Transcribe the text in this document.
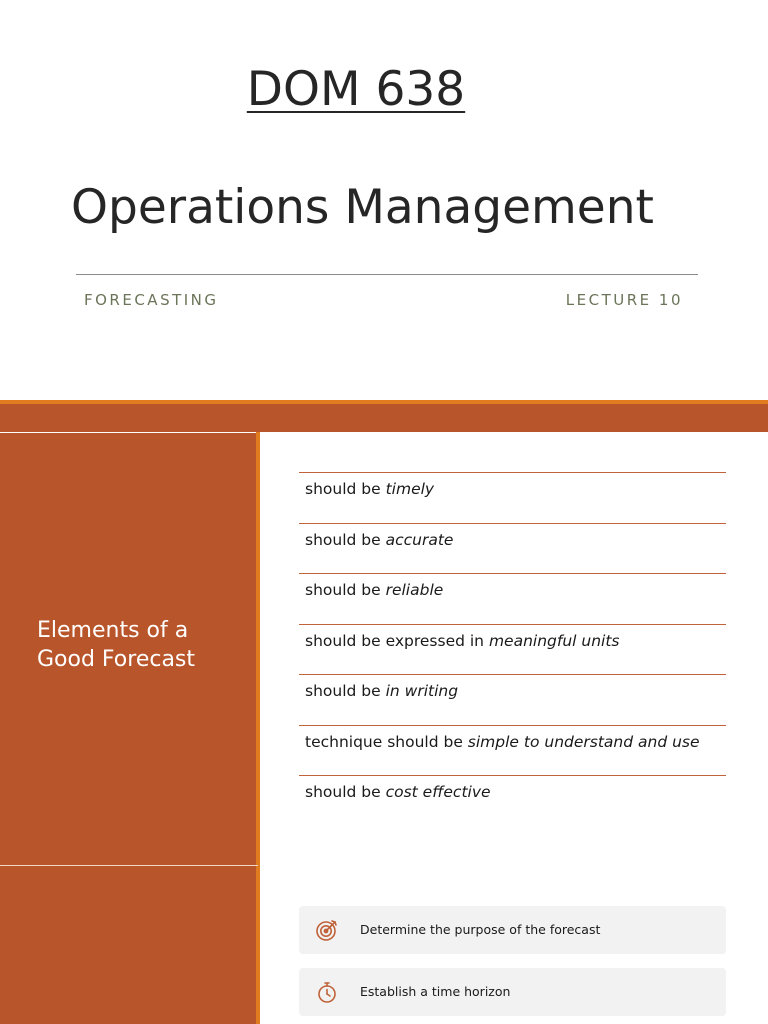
DOM 638
Operations Management
FORECASTING	LECTURE 10
Elements of a Good Forecast
should be timely
should be accurate
should be reliable
should be expressed in meaningful units
should be in writing
technique should be simple to understand and use
should be cost effective
Determine the purpose of the forecast
Establish a time horizon
